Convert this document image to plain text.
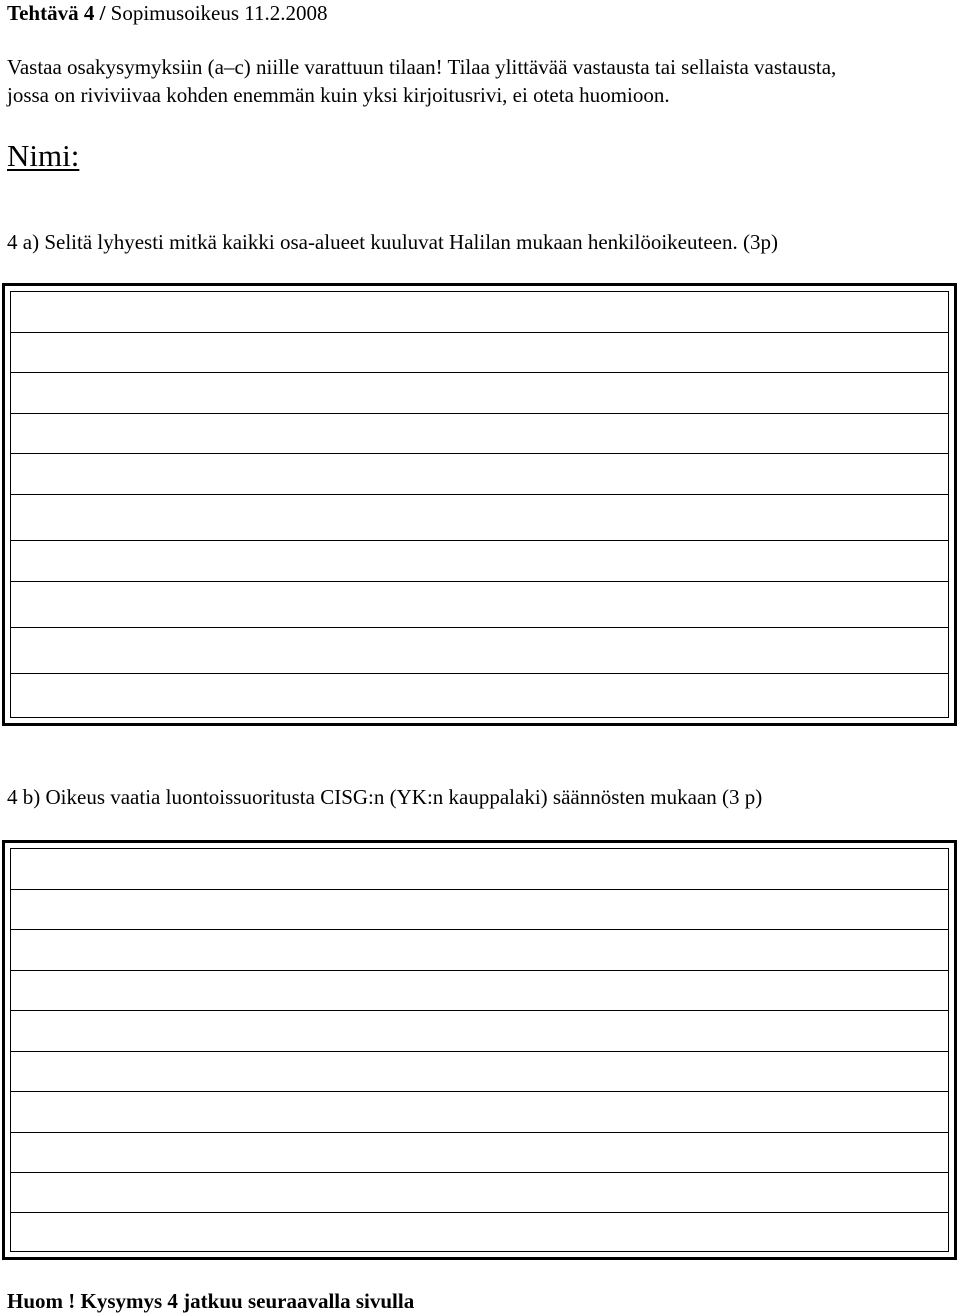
Tehtävä 4 / Sopimusoikeus 11.2.2008
Vastaa osakysymyksiin (a–c) niille varattuun tilaan! Tilaa ylittävää vastausta tai sellaista vastausta,
jossa on riviviivaa kohden enemmän kuin yksi kirjoitusrivi, ei oteta huomioon.
Nimi:
4 a) Selitä lyhyesti mitkä kaikki osa-alueet kuuluvat Halilan mukaan henkilöoikeuteen. (3p)
4 b) Oikeus vaatia luontoissuoritusta CISG:n (YK:n kauppalaki) säännösten mukaan (3 p)
Huom ! Kysymys 4 jatkuu seuraavalla sivulla
